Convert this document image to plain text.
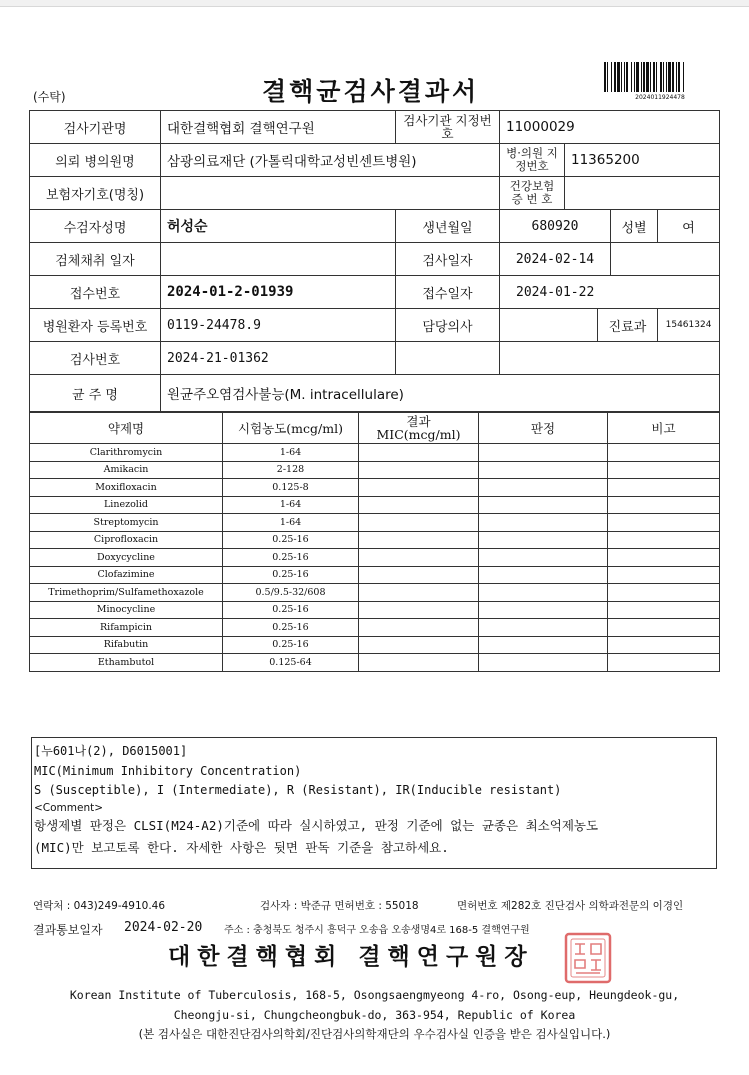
(수탁)	결핵균검사결과서	2024011924478
검사기관명	대한결핵협회 결핵연구원	검사기관 지정번호	11000029				
의뢰 병의원명	삼광의료재단 (가톨릭대학교성빈센트병원)		병·의원 지정번호	11365200			
보험자기호(명칭)			건강보험증 번 호				
수검자성명	허성순	생년월일	680920			성별	여
검체채취 일자		검사일자	2024-02-14				
접수번호	2024-01-2-01939	접수일자	2024-01-22				
병원환자 등록번호	0119-24478.9	담당의사			진료과		15461324
검사번호	2024-21-01362						
균 주 명	원균주오염검사불능(M. intracellulare)						
약제명	시험농도(mcg/ml)	결과 MIC(mcg/ml)	판정	비고
Clarithromycin	1-64			
Amikacin	2-128			
Moxifloxacin	0.125-8			
Linezolid	1-64			
Streptomycin	1-64			
Ciprofloxacin	0.25-16			
Doxycycline	0.25-16			
Clofazimine	0.25-16			
Trimethoprim/Sulfamethoxazole	0.5/9.5-32/608			
Minocycline	0.25-16			
Rifampicin	0.25-16			
Rifabutin	0.25-16			
Ethambutol	0.125-64			
[누601나(2), D6015001]
MIC(Minimum Inhibitory Concentration)
S (Susceptible), I (Intermediate), R (Resistant), IR(Inducible resistant)
<Comment>
항생제별 판정은 CLSI(M24-A2)기준에 따라 실시하였고, 판정 기준에 없는 균종은 최소억제농도
(MIC)만 보고토록 한다. 자세한 사항은 뒷면 판독 기준을 참고하세요.
연락처 : 043)249-4910.46	검사자 : 박준규 면허번호 : 55018	면허번호 제282호 진단검사 의학과전문의 이경인
결과통보일자 2024-02-20 주소 : 충청북도 청주시 흥덕구 오송읍 오송생명4로 168-5 결핵연구원
대한결핵협회 결핵연구원장
Korean Institute of Tuberculosis, 168-5, Osongsaengmyeong 4-ro, Osong-eup, Heungdeok-gu,
Cheongju-si, Chungcheongbuk-do, 363-954, Republic of Korea
(본 검사실은 대한진단검사의학회/진단검사의학재단의 우수검사실 인증을 받은 검사실입니다.)
